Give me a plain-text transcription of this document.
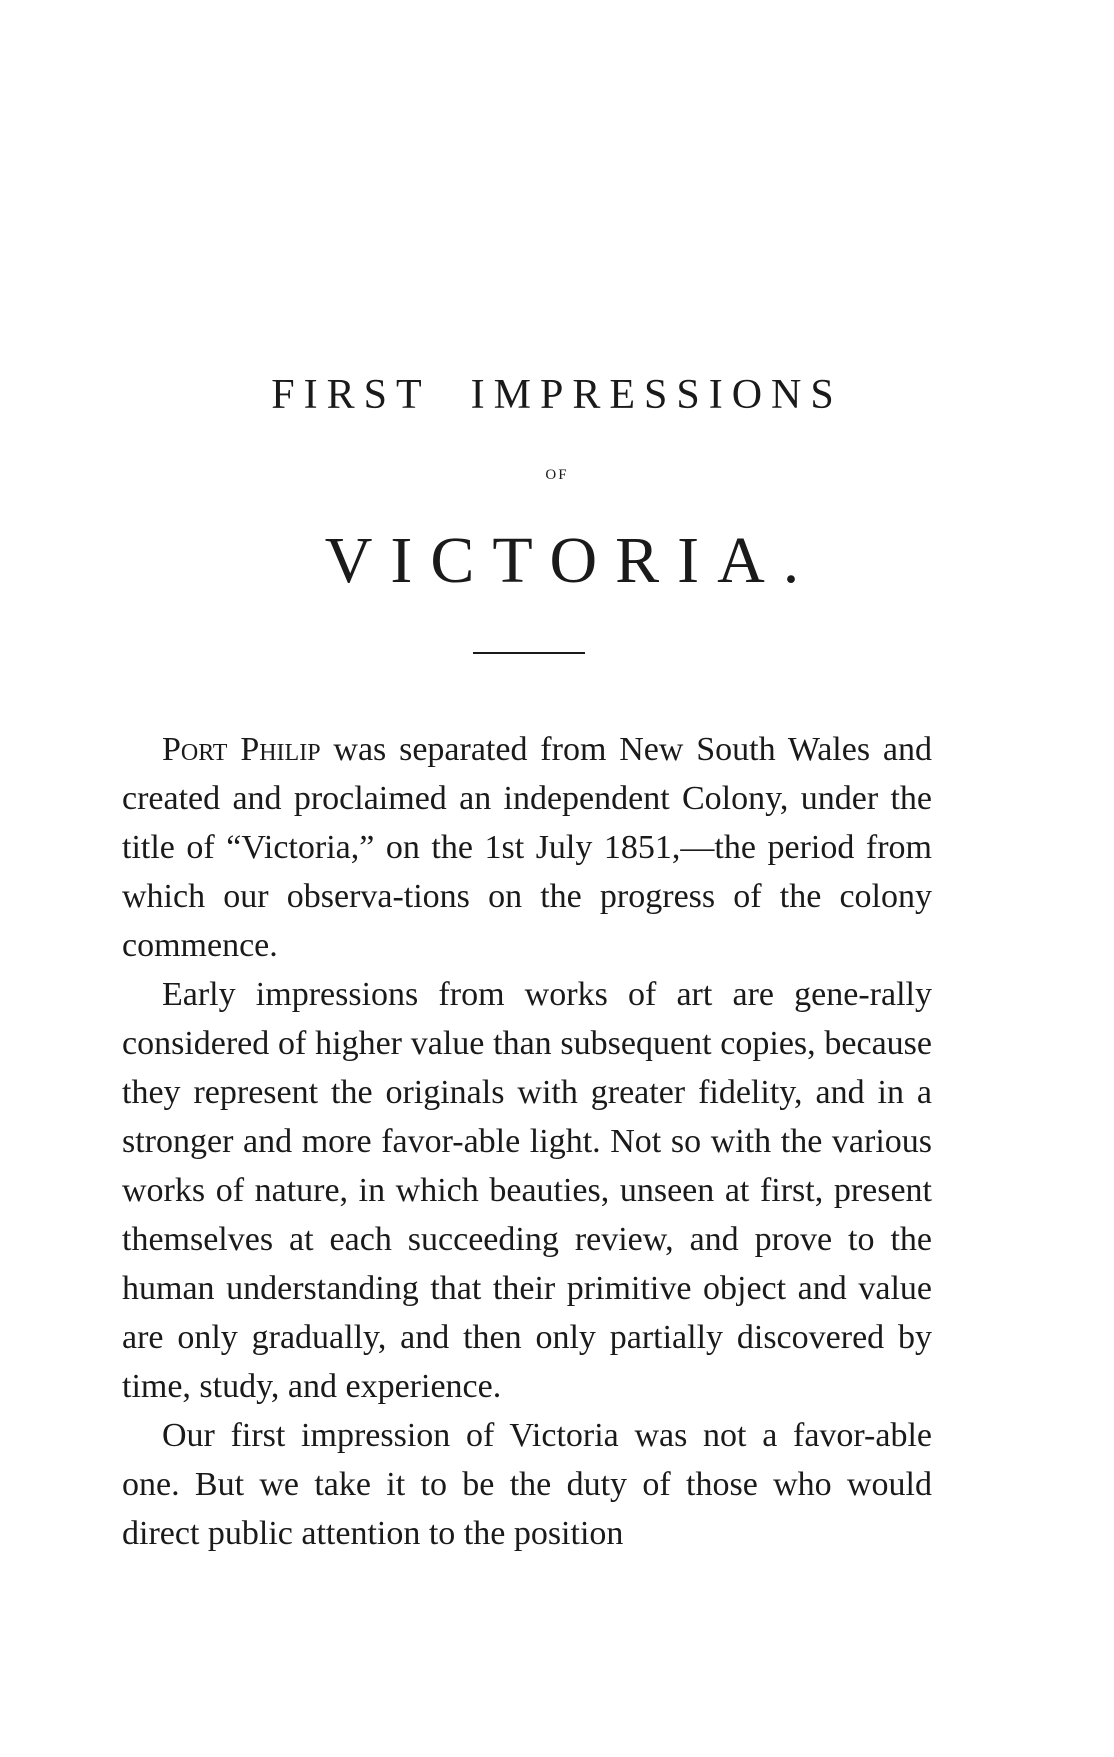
FIRST IMPRESSIONS
OF
VICTORIA.

Port Philip was separated from New South Wales and created and proclaimed an independent Colony, under the title of “Victoria,” on the 1st July 1851,—the period from which our observa-tions on the progress of the colony commence.

Early impressions from works of art are gene-rally considered of higher value than subsequent copies, because they represent the originals with greater fidelity, and in a stronger and more favor-able light. Not so with the various works of nature, in which beauties, unseen at first, present themselves at each succeeding review, and prove to the human understanding that their primitive object and value are only gradually, and then only partially discovered by time, study, and experience.

Our first impression of Victoria was not a favor-able one. But we take it to be the duty of those who would direct public attention to the position
